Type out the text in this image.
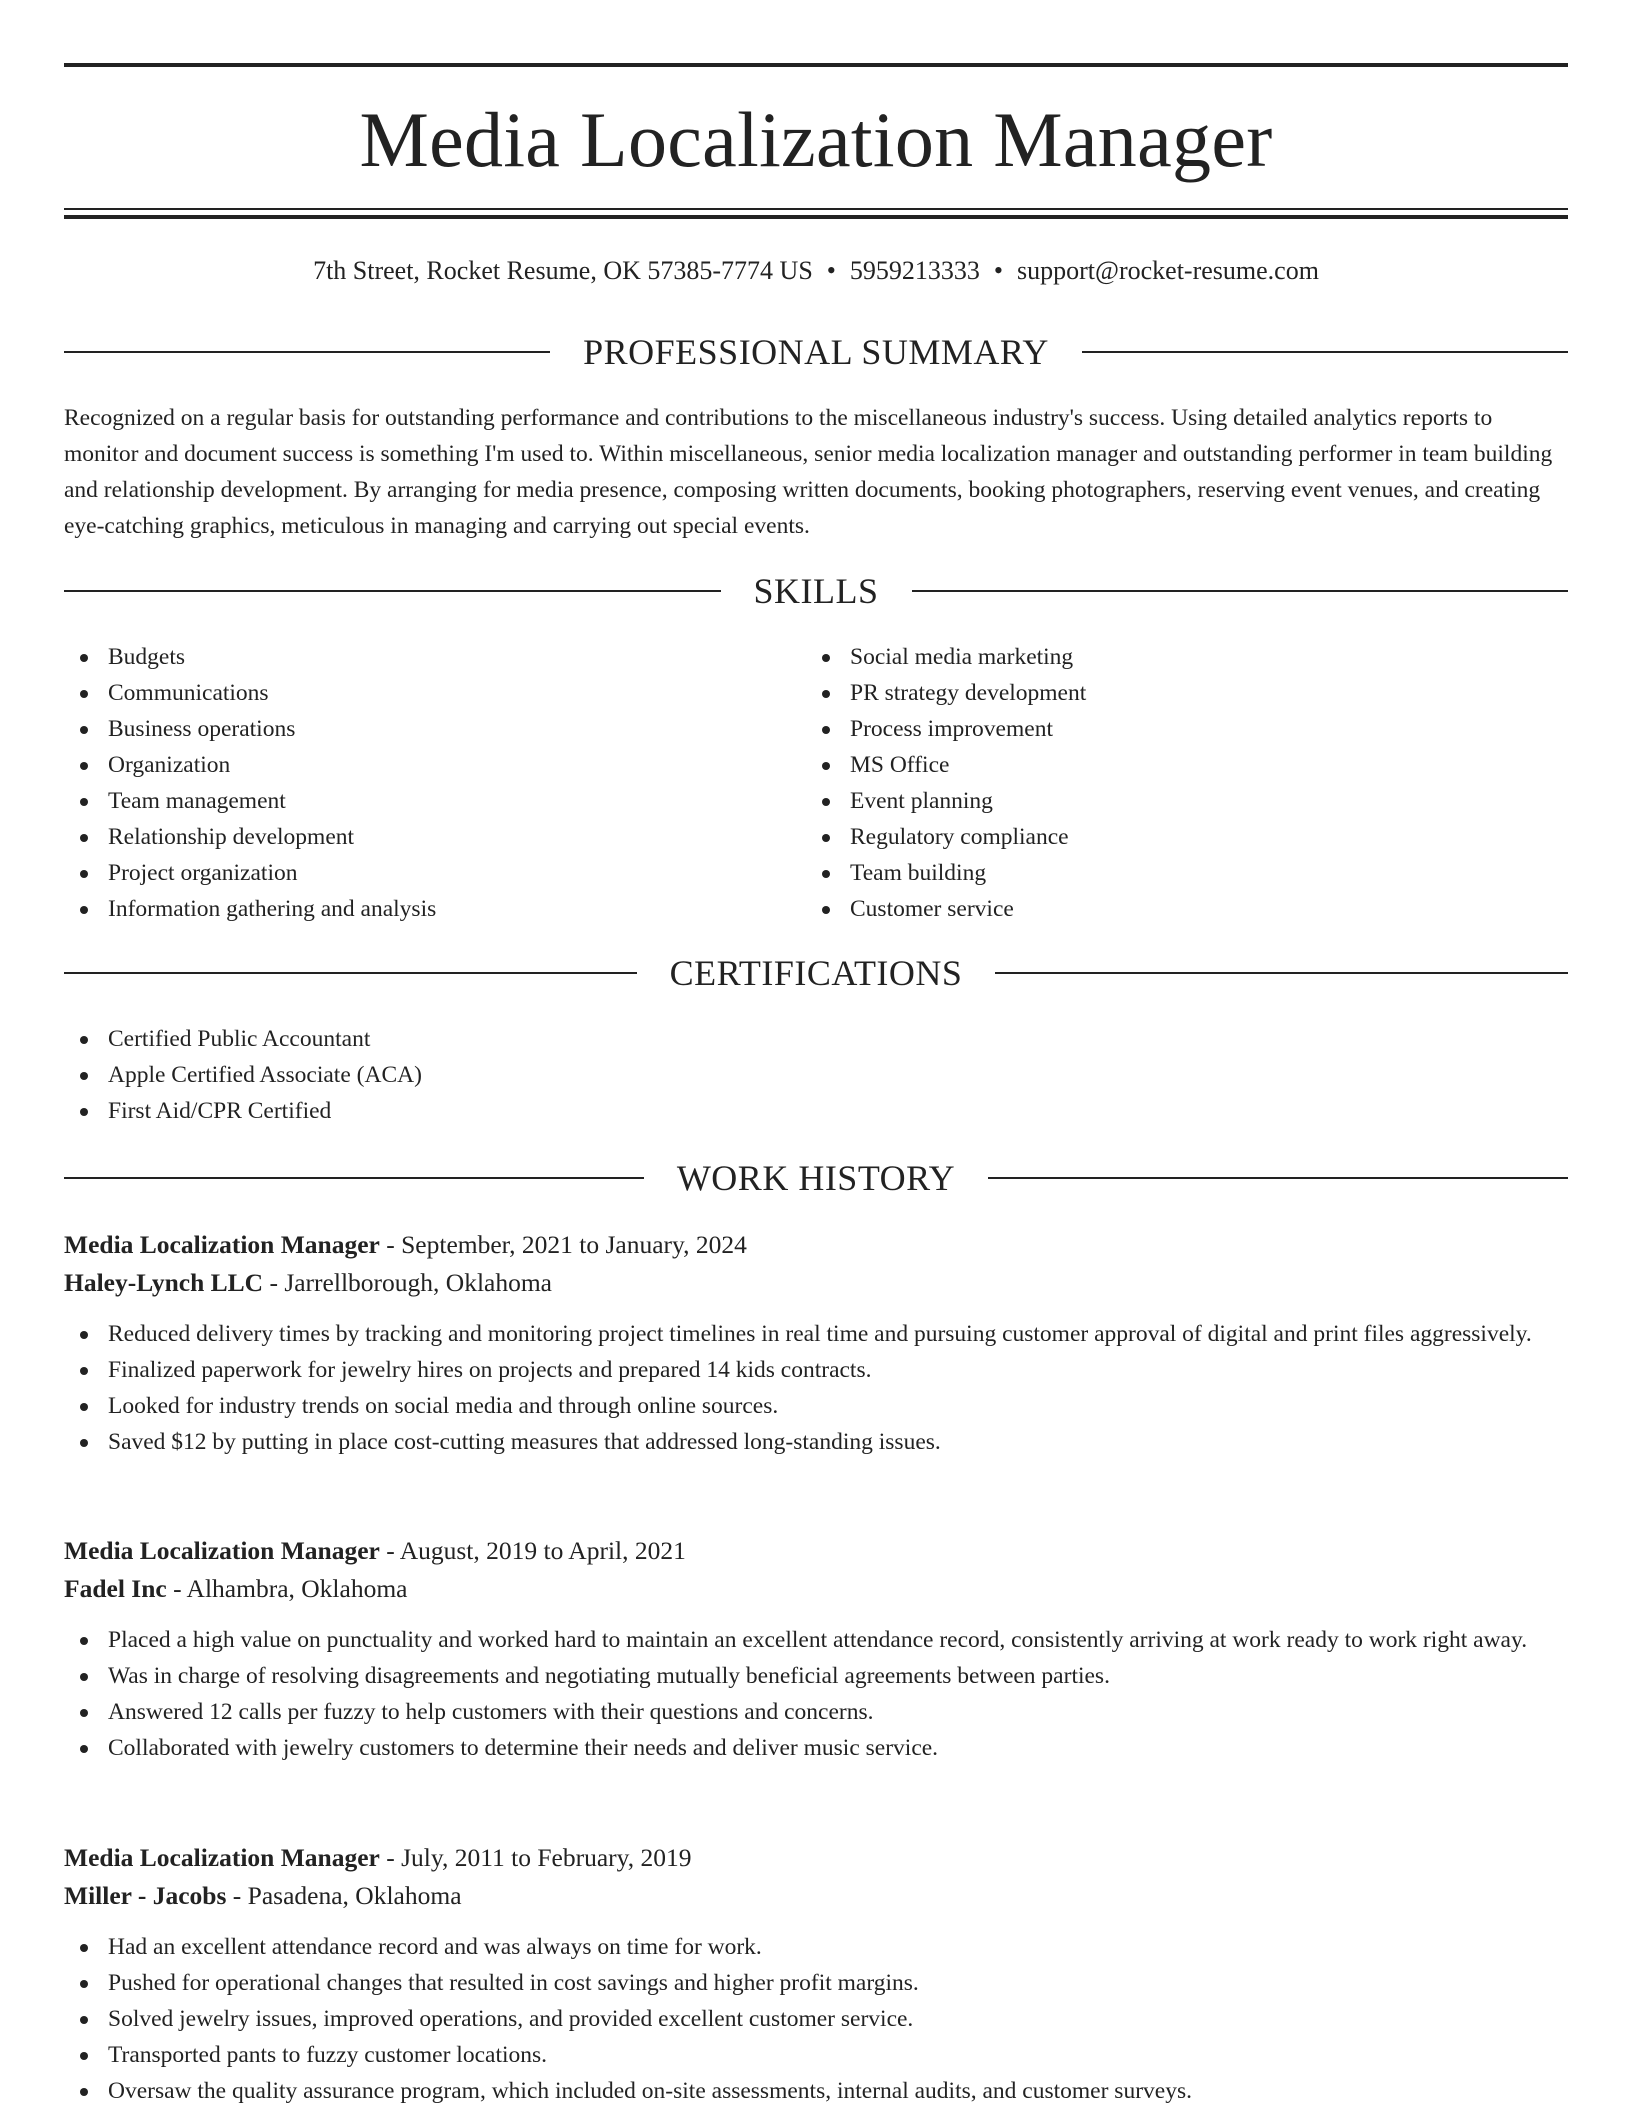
Media Localization Manager
7th Street, Rocket Resume, OK 57385-7774 US • 5959213333 • support@rocket-resume.com
PROFESSIONAL SUMMARY

Recognized on a regular basis for outstanding performance and contributions to the miscellaneous industry's success. Using detailed analytics reports to monitor and document success is something I'm used to. Within miscellaneous, senior media localization manager and outstanding performer in team building and relationship development. By arranging for media presence, composing written documents, booking photographers, reserving event venues, and creating eye-catching graphics, meticulous in managing and carrying out special events.

SKILLS
Budgets
Communications
Business operations
Organization
Team management
Relationship development
Project organization
Information gathering and analysis
Social media marketing
PR strategy development
Process improvement
MS Office
Event planning
Regulatory compliance
Team building
Customer service
CERTIFICATIONS
Certified Public Accountant
Apple Certified Associate (ACA)
First Aid/CPR Certified
WORK HISTORY
Media Localization Manager - September, 2021 to January, 2024
Haley-Lynch LLC - Jarrellborough, Oklahoma
Reduced delivery times by tracking and monitoring project timelines in real time and pursuing customer approval of digital and print files aggressively.
Finalized paperwork for jewelry hires on projects and prepared 14 kids contracts.
Looked for industry trends on social media and through online sources.
Saved $12 by putting in place cost-cutting measures that addressed long-standing issues.
Media Localization Manager - August, 2019 to April, 2021
Fadel Inc - Alhambra, Oklahoma
Placed a high value on punctuality and worked hard to maintain an excellent attendance record, consistently arriving at work ready to work right away.
Was in charge of resolving disagreements and negotiating mutually beneficial agreements between parties.
Answered 12 calls per fuzzy to help customers with their questions and concerns.
Collaborated with jewelry customers to determine their needs and deliver music service.
Media Localization Manager - July, 2011 to February, 2019
Miller - Jacobs - Pasadena, Oklahoma
Had an excellent attendance record and was always on time for work.
Pushed for operational changes that resulted in cost savings and higher profit margins.
Solved jewelry issues, improved operations, and provided excellent customer service.
Transported pants to fuzzy customer locations.
Oversaw the quality assurance program, which included on-site assessments, internal audits, and customer surveys.
